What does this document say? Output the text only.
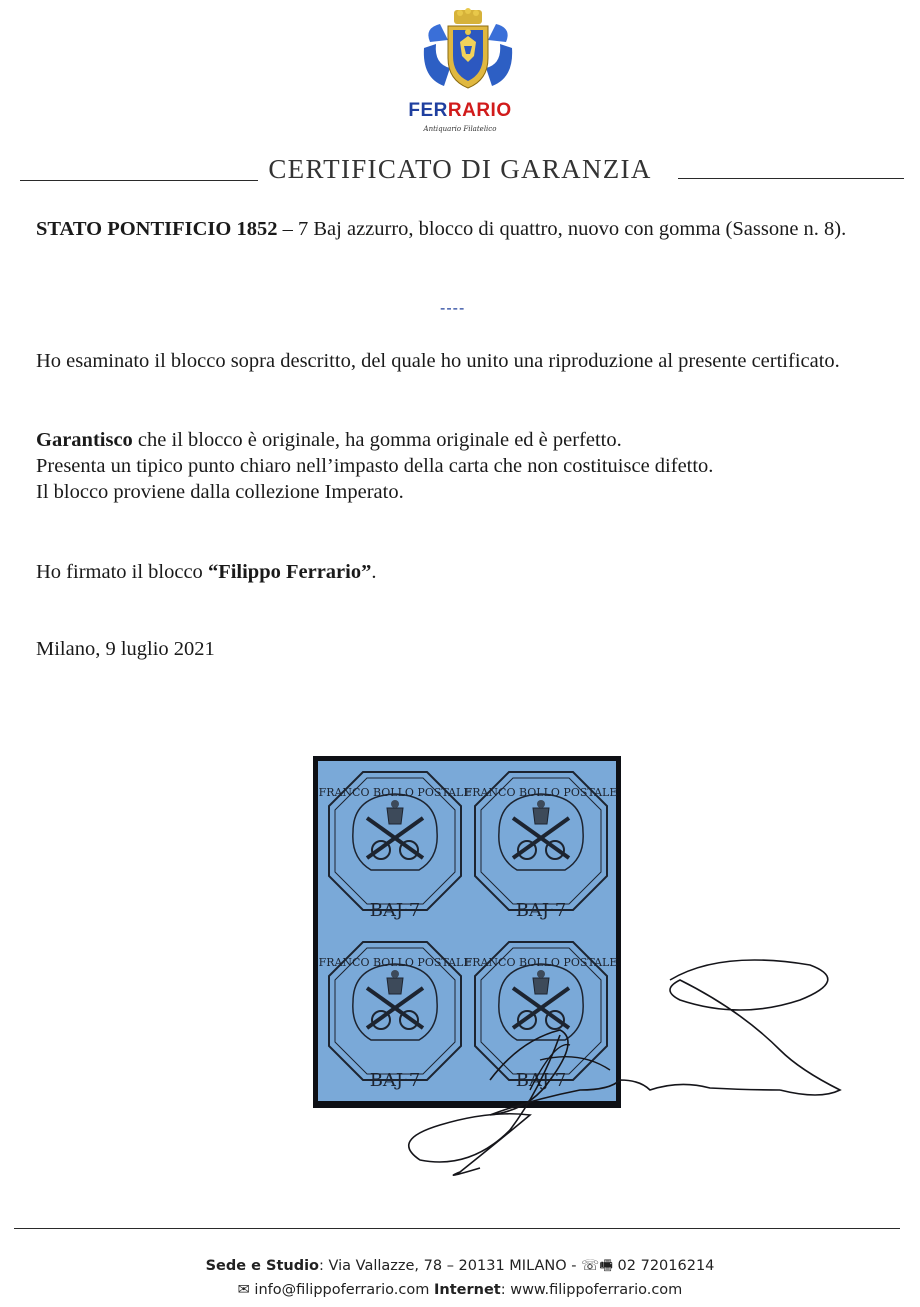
FERRARIO
Antiquario Filatelico
CERTIFICATO DI GARANZIA

STATO PONTIFICIO 1852 – 7 Baj azzurro, blocco di quattro, nuovo con gomma (Sassone n. 8).

----

Ho esaminato il blocco sopra descritto, del quale ho unito una riproduzione al presente certificato.

Garantisco che il blocco è originale, ha gomma originale ed è perfetto.
Presenta un tipico punto chiaro nell’impasto della carta che non costituisce difetto.
Il blocco proviene dalla collezione Imperato.

Ho firmato il blocco “Filippo Ferrario”.

Milano, 9 luglio 2021

FRANCO BOLLO POSTALE
FRANCO BOLLO POSTALE
FRANCO BOLLO POSTALE
FRANCO BOLLO POSTALE
BAJ·7	BAJ·7
BAJ·7	BAJ·7
Sede e Studio: Via Vallazze, 78 – 20131 MILANO - ☏🖷 02 72016214
✉ info@filippoferrario.com Internet: www.filippoferrario.com
